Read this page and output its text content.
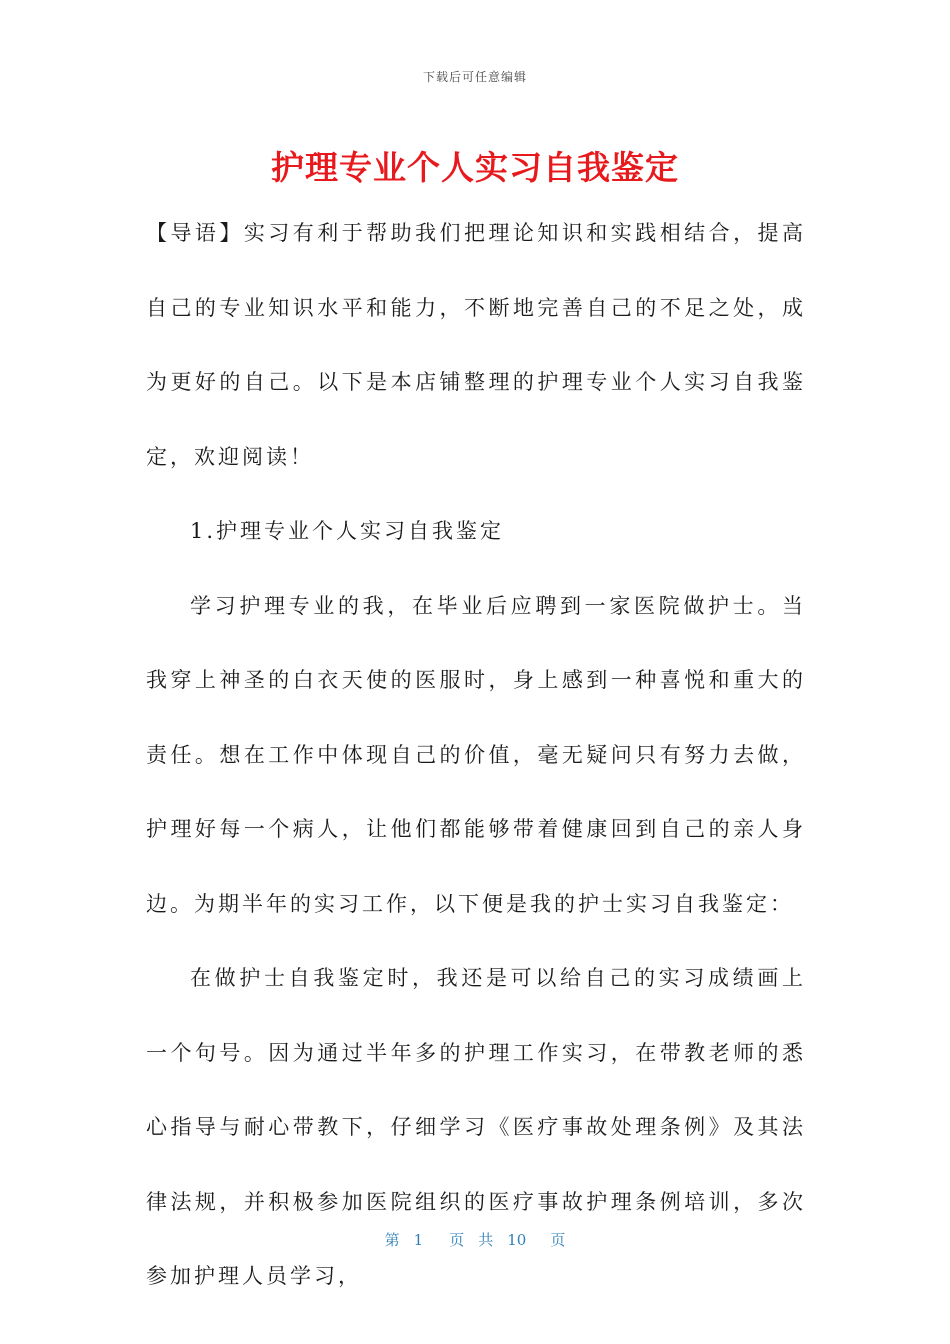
下载后可任意编辑
护理专业个人实习自我鉴定

【导语】实习有利于帮助我们把理论知识和实践相结合，提高自己的专业知识水平和能力，不断地完善自己的不足之处，成为更好的自己。以下是本店铺整理的护理专业个人实习自我鉴定，欢迎阅读！

1.护理专业个人实习自我鉴定

学习护理专业的我，在毕业后应聘到一家医院做护士。当我穿上神圣的白衣天使的医服时，身上感到一种喜悦和重大的责任。想在工作中体现自己的价值，毫无疑问只有努力去做，护理好每一个病人，让他们都能够带着健康回到自己的亲人身边。为期半年的实习工作，以下便是我的护士实习自我鉴定：

在做护士自我鉴定时，我还是可以给自己的实习成绩画上一个句号。因为通过半年多的护理工作实习，在带教老师的悉心指导与耐心带教下，仔细学习《医疗事故处理条例》及其法律法规，并积极参加医院组织的医疗事故护理条例培训，多次参加护理人员学习，

第 1 页 共 10 页
